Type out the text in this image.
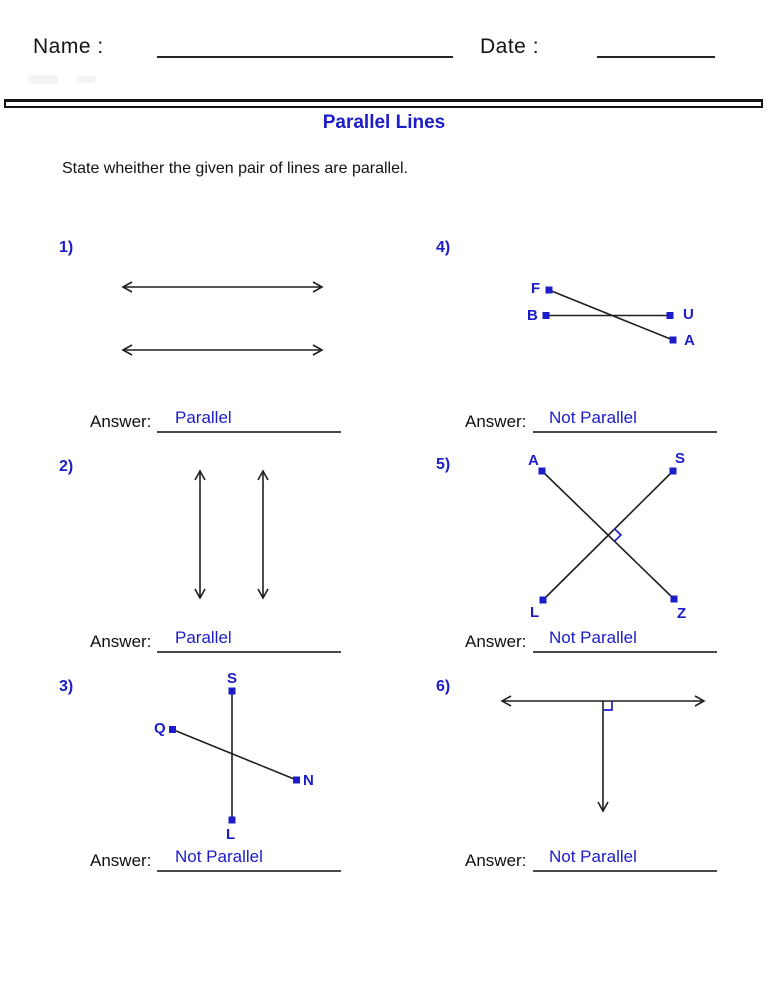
Name :	Date :
Parallel Lines
State wheither the given pair of lines are parallel.
1)
Answer: Parallel
4)
F
B	U
A
Answer: Not Parallel
2)
Answer: Parallel
5)	A	S
L	Z
Answer: Not Parallel
3)	S
Q
N
L
Answer: Not Parallel
6)
Answer: Not Parallel
